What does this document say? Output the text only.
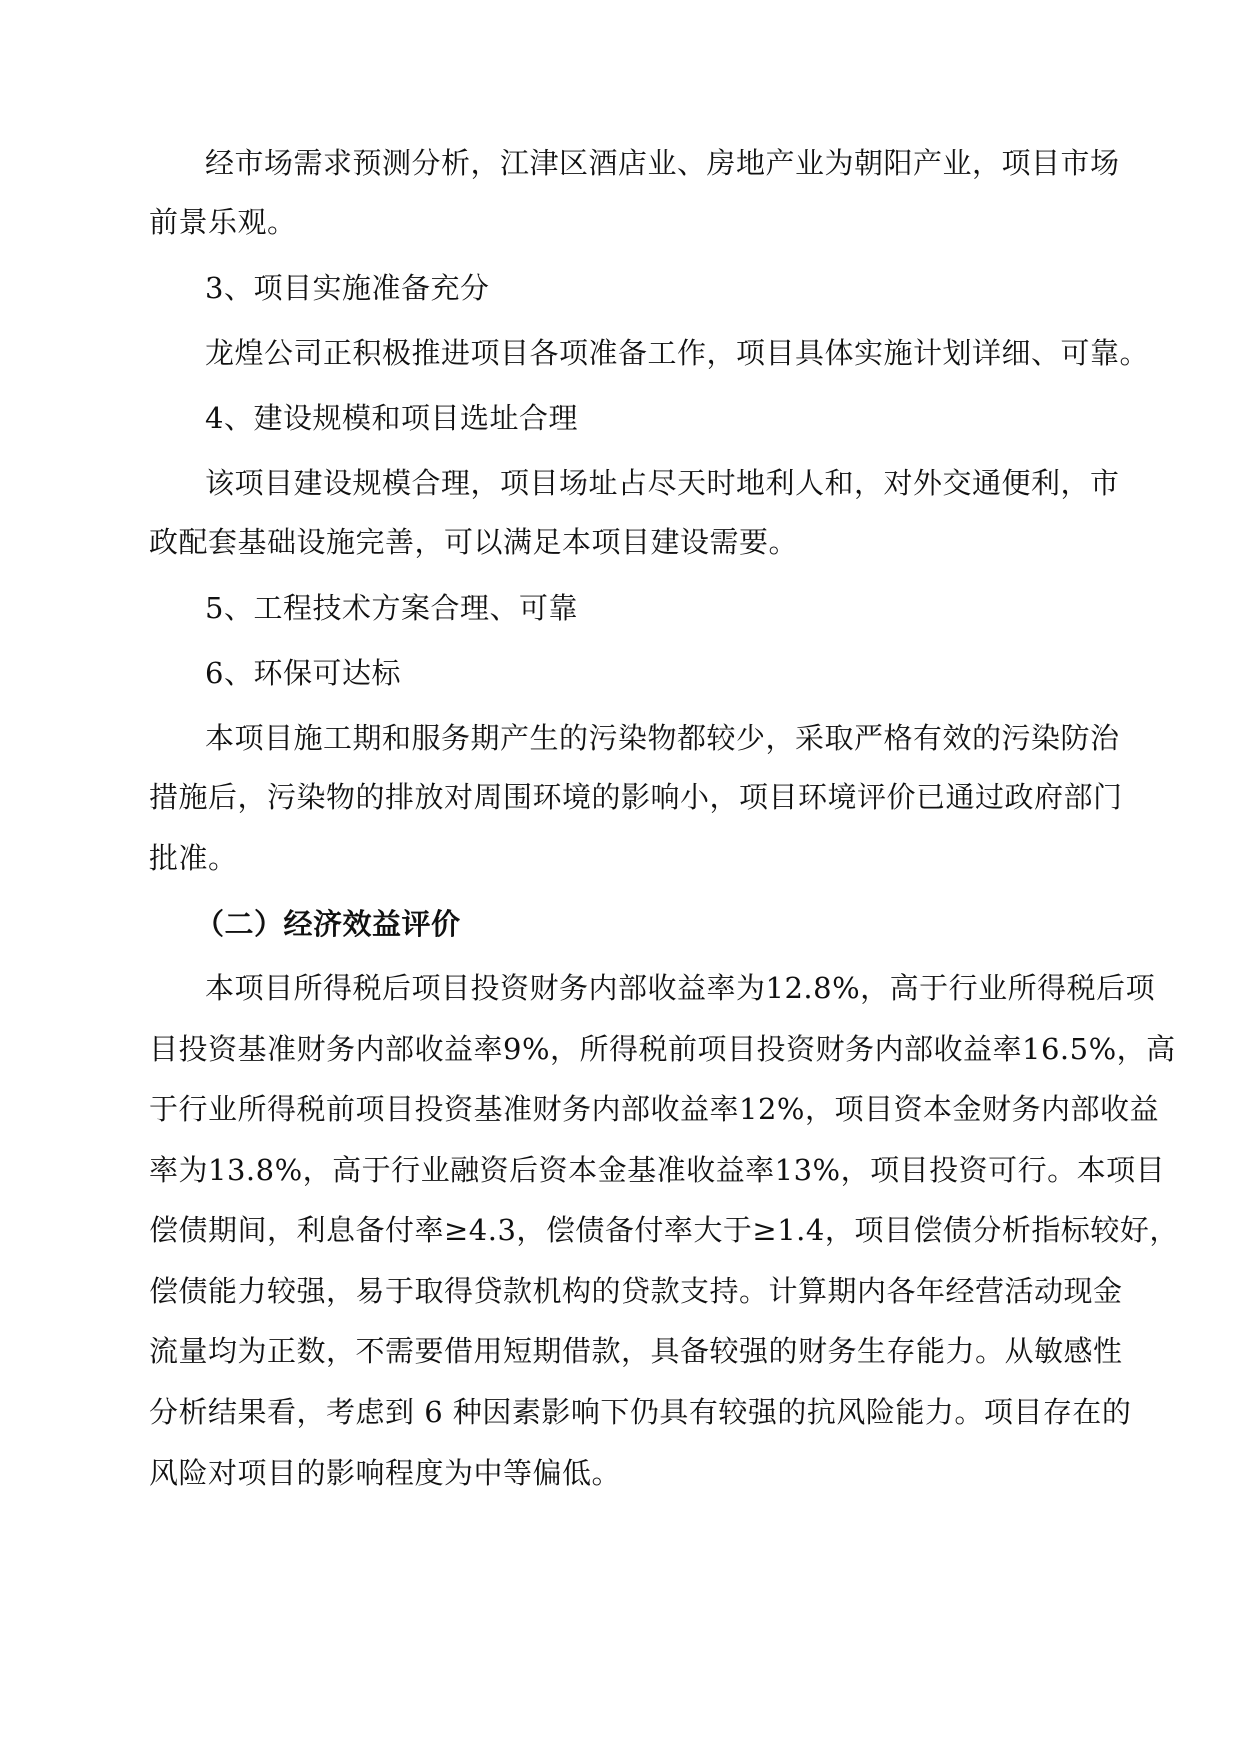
经市场需求预测分析，江津区酒店业、房地产业为朝阳产业，项目市场
前景乐观。
3、项目实施准备充分
龙煌公司正积极推进项目各项准备工作，项目具体实施计划详细、可靠。
4、建设规模和项目选址合理
该项目建设规模合理，项目场址占尽天时地利人和，对外交通便利，市
政配套基础设施完善，可以满足本项目建设需要。
5、工程技术方案合理、可靠
6、环保可达标
本项目施工期和服务期产生的污染物都较少，采取严格有效的污染防治
措施后，污染物的排放对周围环境的影响小，项目环境评价已通过政府部门
批准。
（二）经济效益评价
本项目所得税后项目投资财务内部收益率为12.8%，高于行业所得税后项
目投资基准财务内部收益率9%，所得税前项目投资财务内部收益率16.5%，高
于行业所得税前项目投资基准财务内部收益率12%，项目资本金财务内部收益
率为13.8%，高于行业融资后资本金基准收益率13%，项目投资可行。本项目
偿债期间，利息备付率≥4.3，偿债备付率大于≥1.4，项目偿债分析指标较好，
偿债能力较强，易于取得贷款机构的贷款支持。计算期内各年经营活动现金
流量均为正数，不需要借用短期借款，具备较强的财务生存能力。从敏感性
分析结果看，考虑到 6 种因素影响下仍具有较强的抗风险能力。项目存在的
风险对项目的影响程度为中等偏低。
